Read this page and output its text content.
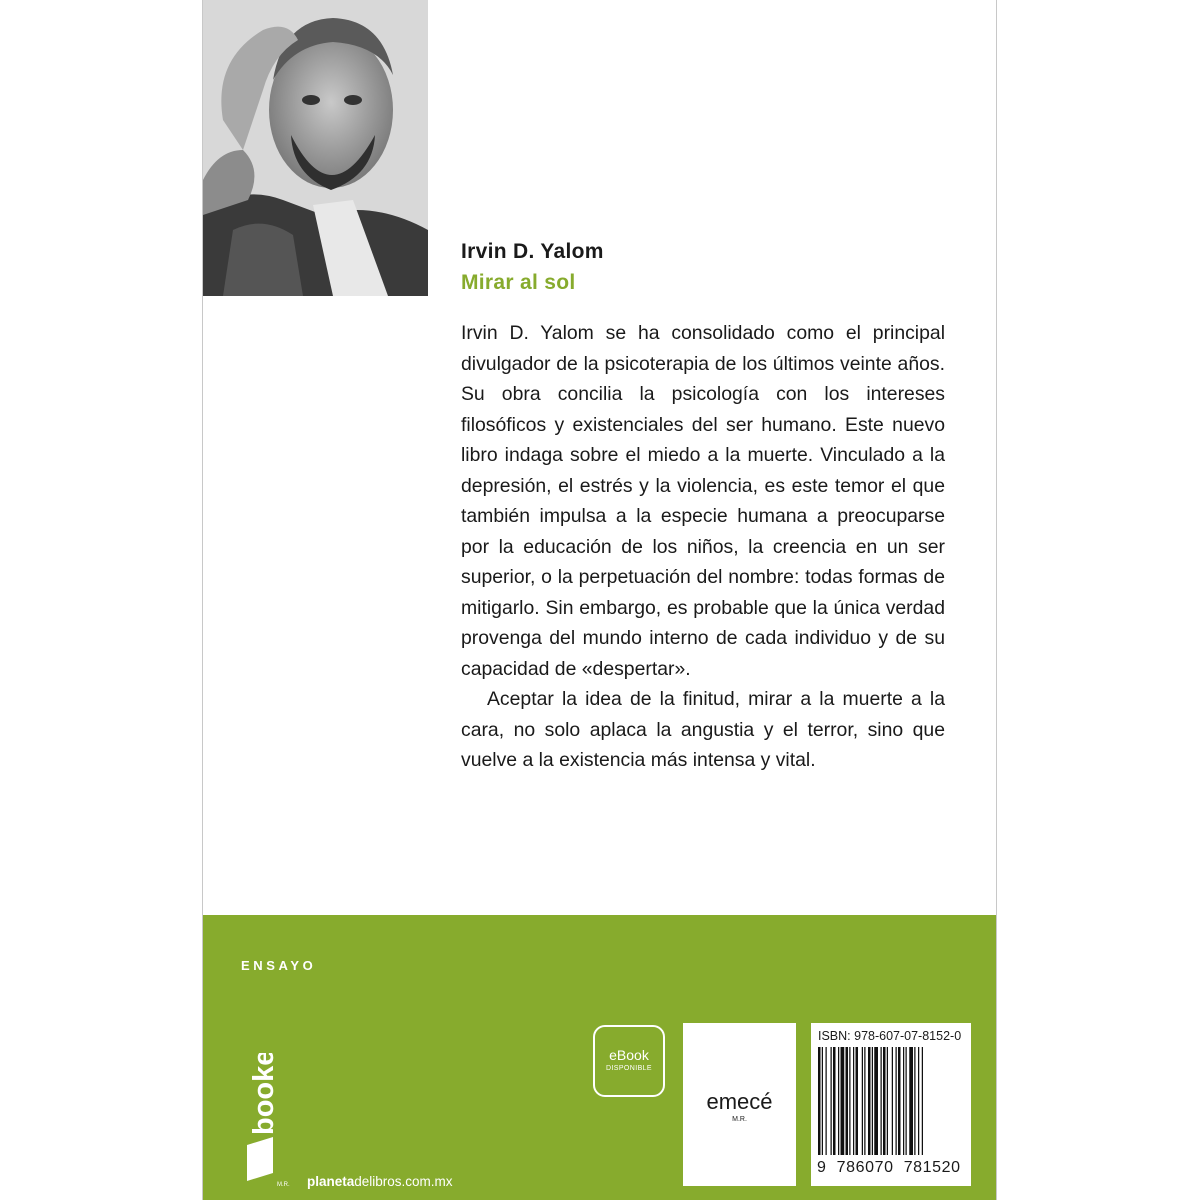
Irvin D. Yalom
Mirar al sol

Irvin D. Yalom se ha consolidado como el principal divulgador de la psicoterapia de los últimos veinte años. Su obra concilia la psicología con los intereses filosóficos y existenciales del ser humano. Este nuevo libro indaga sobre el miedo a la muerte. Vinculado a la depresión, el estrés y la violencia, es este temor el que también impulsa a la especie humana a preocuparse por la educación de los niños, la creencia en un ser superior, o la perpetuación del nombre: todas formas de mitigarlo. Sin embargo, es probable que la única verdad provenga del mundo interno de cada individuo y de su capacidad de «despertar».

Aceptar la idea de la finitud, mirar a la muerte a la cara, no solo aplaca la angustia y el terror, sino que vuelve a la existencia más intensa y vital.

ENSAYO
booket
M.R. planetadelibros.com.mx
eBook
DISPONIBLE
emecé
M.R.
ISBN: 978-607-07-8152-0
9 786070 781520
